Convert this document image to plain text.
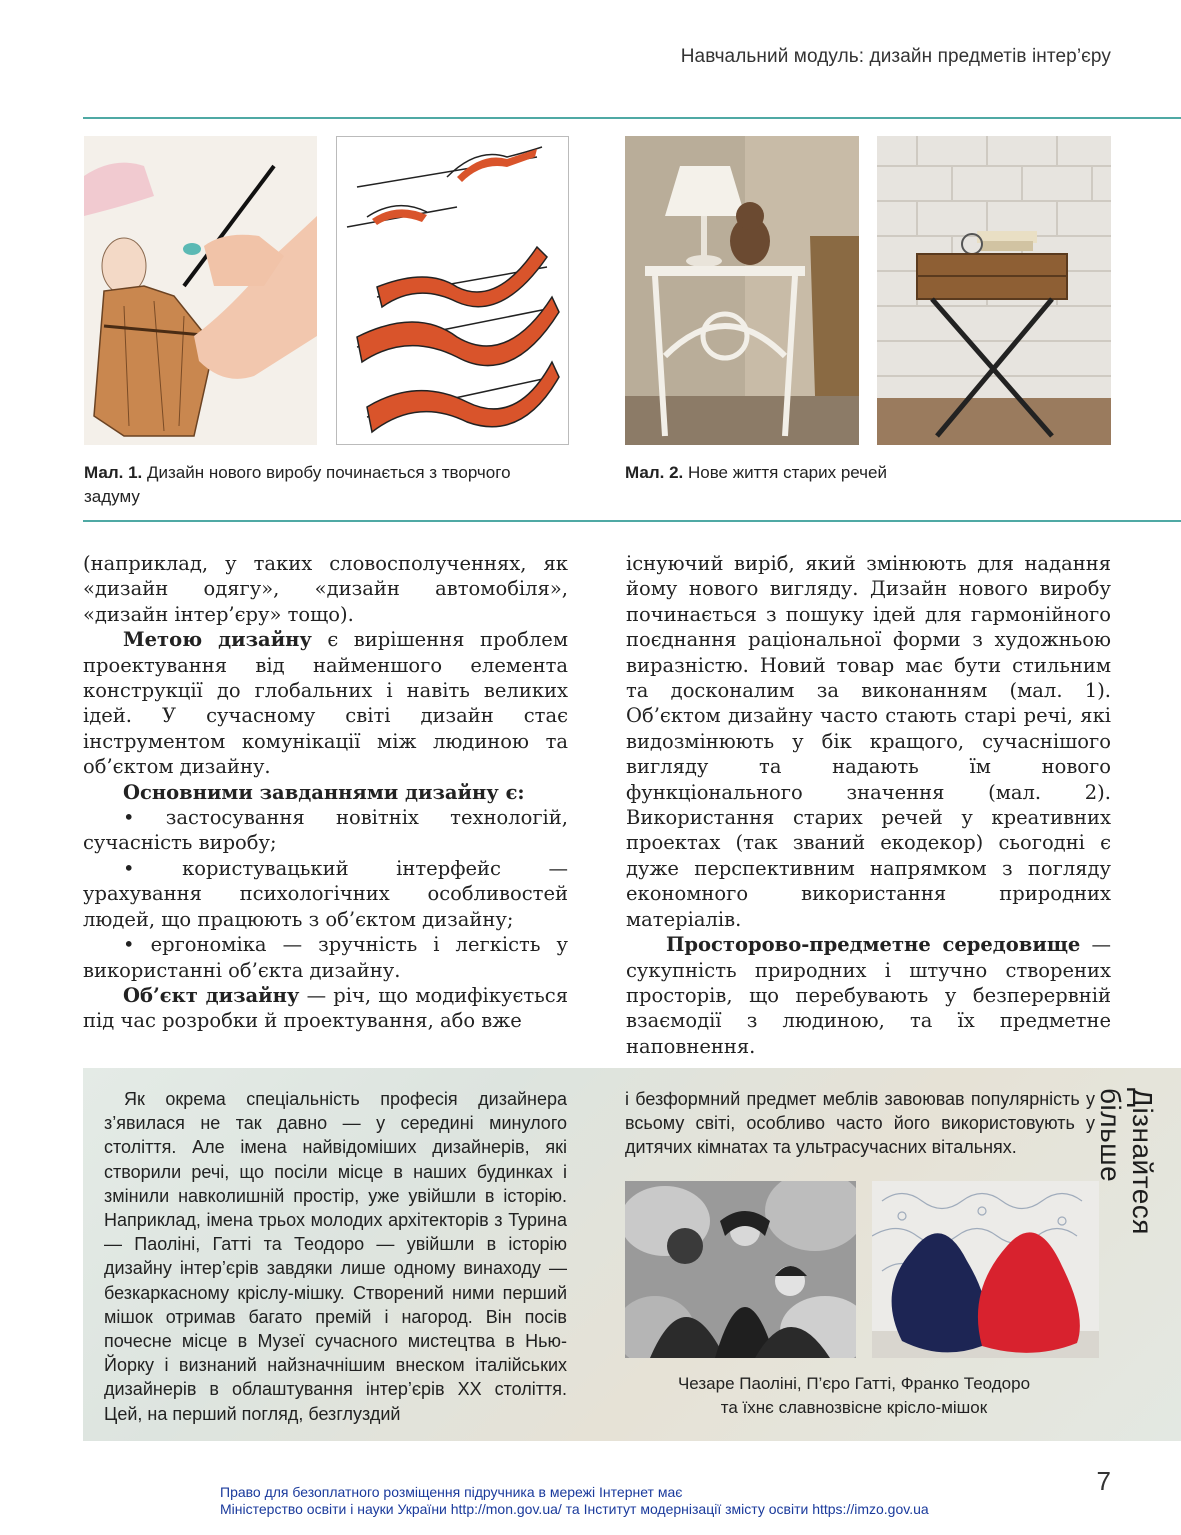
Навчальний модуль: дизайн предметів інтер’єру
Мал. 1. Дизайн нового виробу починається з творчого задуму
Мал. 2. Нове життя старих речей

(наприклад, у таких словосполученнях, як «дизайн одягу», «дизайн автомобіля», «дизайн інтер’єру» тощо).

Метою дизайну є вирішення проблем проектування від найменшого елемента конструкції до глобальних і навіть великих ідей. У сучасному світі дизайн стає інструментом комунікації між людиною та об’єктом дизайну.

Основними завданнями дизайну є:

• застосування новітніх технологій, сучасність виробу;

• користувацький інтерфейс — урахування психологічних особливостей людей, що працюють з об’єктом дизайну;

• ергономіка — зручність і легкість у використанні об’єкта дизайну.

Об’єкт дизайну — річ, що модифікується під час розробки й проектування, або вже

існуючий виріб, який змінюють для надання йому нового вигляду. Дизайн нового виробу починається з пошуку ідей для гармонійного поєднання раціональної форми з художньою виразністю. Новий товар має бути стильним та досконалим за виконанням (мал. 1). Об’єктом дизайну часто стають старі речі, які видозмінюють у бік кращого, сучаснішого вигляду та надають їм нового функціонального значення (мал. 2). Використання старих речей у креативних проектах (так званий екодекор) сьогодні є дуже перспективним напрямком з погляду економного використання природних матеріалів.

Просторово-предметне середовище — сукупність природних і штучно створених просторів, що перебувають у безперервній взаємодії з людиною, та їх предметне наповнення.

Як окрема спеціальність професія дизайнера з’явилася не так давно — у середині минулого століття. Але імена найвідоміших дизайнерів, які створили речі, що посіли місце в наших будинках і змінили навколишній простір, уже увійшли в історію. Наприклад, імена трьох молодих архітекторів з Турина — Паоліні, Гатті та Теодоро — увійшли в історію дизайну інтер’єрів завдяки лише одному винаходу — безкаркасному кріслу-мішку. Створений ними перший мішок отримав багато премій і нагород. Він посів почесне місце в Музеї сучасного мистецтва в Нью-Йорку і визнаний найзначнішим внеском італійських дизайнерів в облаштування інтер’єрів ХХ століття. Цей, на перший погляд, безглуздий

і безформний предмет меблів завоював популярність у всьому світі, особливо часто його використовують у дитячих кімнатах та ультрасучасних вітальнях.

Чезаре Паоліні, П’єро Гатті, Франко Теодоро
та їхнє славнозвісне крісло-мішок
Дізнайтеся більше
Право для безоплатного розміщення підручника в мережі Інтернет має
Міністерство освіти і науки України http://mon.gov.ua/ та Інститут модернізації змісту освіти https://imzo.gov.ua
7
